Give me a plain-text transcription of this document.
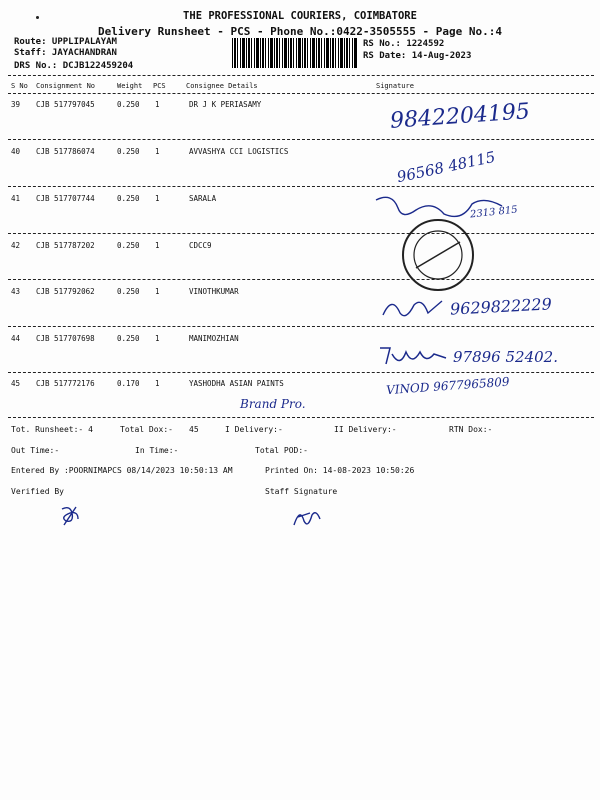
THE PROFESSIONAL COURIERS, COIMBATORE
Delivery Runsheet - PCS - Phone No.:0422-3505555 - Page No.:4
Route: UPPLIPALAYAM
Staff: JAYACHANDRAN
DRS No.: DCJB122459204
RS No.: 1224592
RS Date: 14-Aug-2023
S No Consignment No	Weight PCS	Consignee Details	Signature
39 CJB 517797045	0.250 1	DR J K PERIASAMY	9842204195
40 CJB 517786074	0.250 1	AVVASHYA CCI LOGISTICS	96568 48115
41 CJB 517707744	0.250 1	SARALA
2313 815
42 CJB 517787202	0.250 1	CDCC9
43 CJB 517792062	0.250 1	VINOTHKUMAR
9629822229
44 CJB 517707698	0.250 1	MANIMOZHIAN
97896 52402.
45 CJB 517772176	0.170 1	YASHODHA ASIAN PAINTS	VINOD 9677965809
Brand Pro.
Tot. Runsheet:- 4	Total Dox:- 45	I Delivery:-	II Delivery:-	RTN Dox:-
Out Time:-	In Time:-	Total POD:-
Entered By :POORNIMAPCS 08/14/2023 10:50:13 AM	Printed On: 14-08-2023 10:50:26
Verified By	Staff Signature
